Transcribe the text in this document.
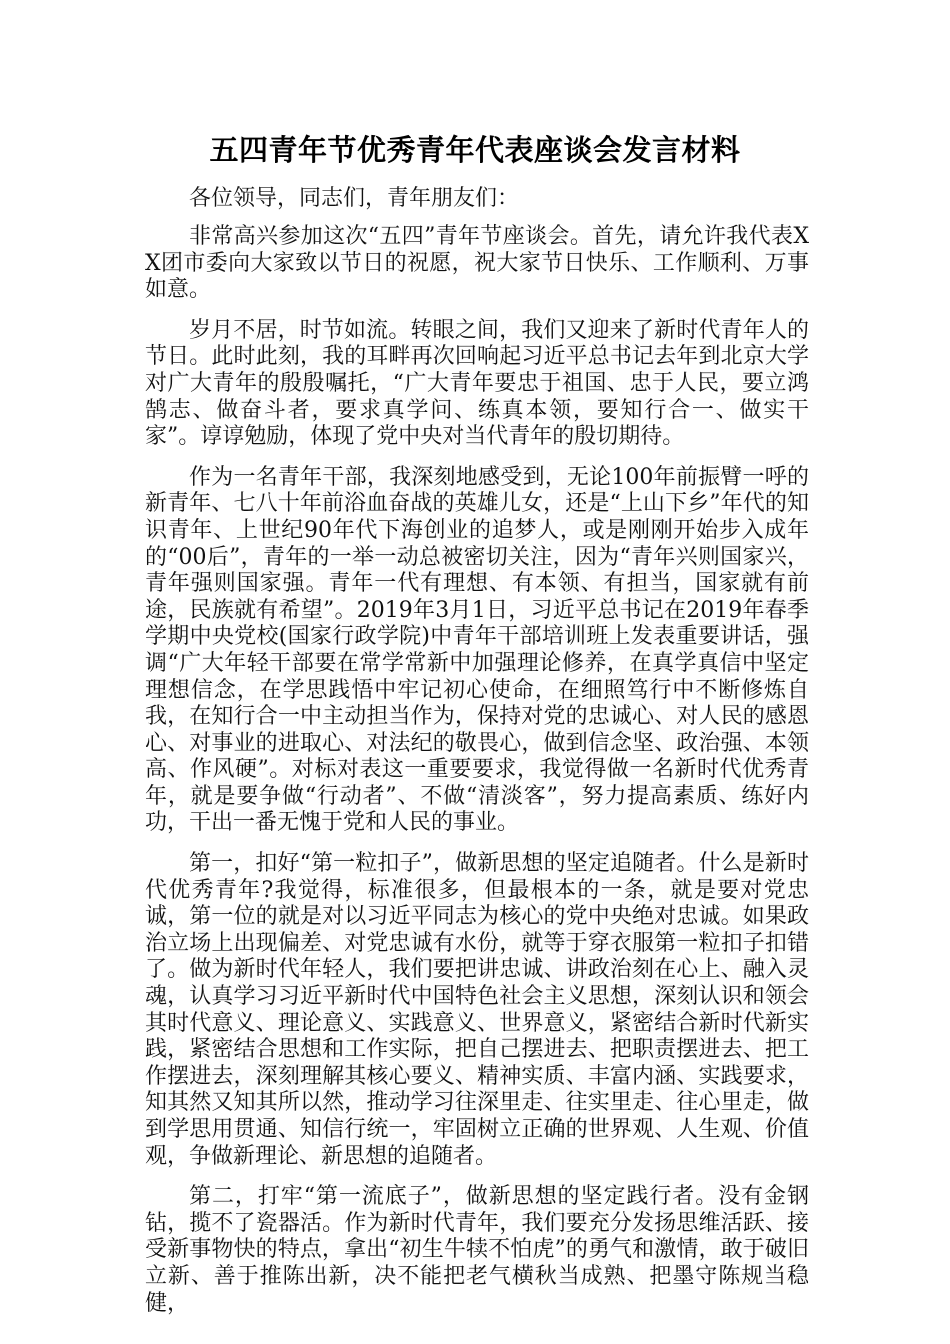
五四青年节优秀青年代表座谈会发言材料

各位领导，同志们，青年朋友们：

非常高兴参加这次“五四”青年节座谈会。首先，请允许我代表XX团市委向大家致以节日的祝愿，祝大家节日快乐、工作顺利、万事如意。

岁月不居，时节如流。转眼之间，我们又迎来了新时代青年人的节日。此时此刻，我的耳畔再次回响起习近平总书记去年到北京大学对广大青年的殷殷嘱托，“广大青年要忠于祖国、忠于人民，要立鸿鹄志、做奋斗者，要求真学问、练真本领，要知行合一、做实干家”。谆谆勉励，体现了党中央对当代青年的殷切期待。

作为一名青年干部，我深刻地感受到，无论100年前振臂一呼的新青年、七八十年前浴血奋战的英雄儿女，还是“上山下乡”年代的知识青年、上世纪90年代下海创业的追梦人，或是刚刚开始步入成年的“00后”，青年的一举一动总被密切关注，因为“青年兴则国家兴，青年强则国家强。青年一代有理想、有本领、有担当，国家就有前途，民族就有希望”。2019年3月1日，习近平总书记在2019年春季学期中央党校(国家行政学院)中青年干部培训班上发表重要讲话，强调“广大年轻干部要在常学常新中加强理论修养，在真学真信中坚定理想信念，在学思践悟中牢记初心使命，在细照笃行中不断修炼自我，在知行合一中主动担当作为，保持对党的忠诚心、对人民的感恩心、对事业的进取心、对法纪的敬畏心，做到信念坚、政治强、本领高、作风硬”。对标对表这一重要要求，我觉得做一名新时代优秀青年，就是要争做“行动者”、不做“清淡客”，努力提高素质、练好内功，干出一番无愧于党和人民的事业。

第一，扣好“第一粒扣子”，做新思想的坚定追随者。什么是新时代优秀青年?我觉得，标准很多，但最根本的一条，就是要对党忠诚，第一位的就是对以习近平同志为核心的党中央绝对忠诚。如果政治立场上出现偏差、对党忠诚有水份，就等于穿衣服第一粒扣子扣错了。做为新时代年轻人，我们要把讲忠诚、讲政治刻在心上、融入灵魂，认真学习习近平新时代中国特色社会主义思想，深刻认识和领会其时代意义、理论意义、实践意义、世界意义，紧密结合新时代新实践，紧密结合思想和工作实际，把自己摆进去、把职责摆进去、把工作摆进去，深刻理解其核心要义、精神实质、丰富内涵、实践要求，知其然又知其所以然，推动学习往深里走、往实里走、往心里走，做到学思用贯通、知信行统一，牢固树立正确的世界观、人生观、价值观，争做新理论、新思想的追随者。

第二，打牢“第一流底子”，做新思想的坚定践行者。没有金钢钻，揽不了瓷器活。作为新时代青年，我们要充分发扬思维活跃、接受新事物快的特点，拿出“初生牛犊不怕虎”的勇气和激情，敢于破旧立新、善于推陈出新，决不能把老气横秋当成熟、把墨守陈规当稳健，
